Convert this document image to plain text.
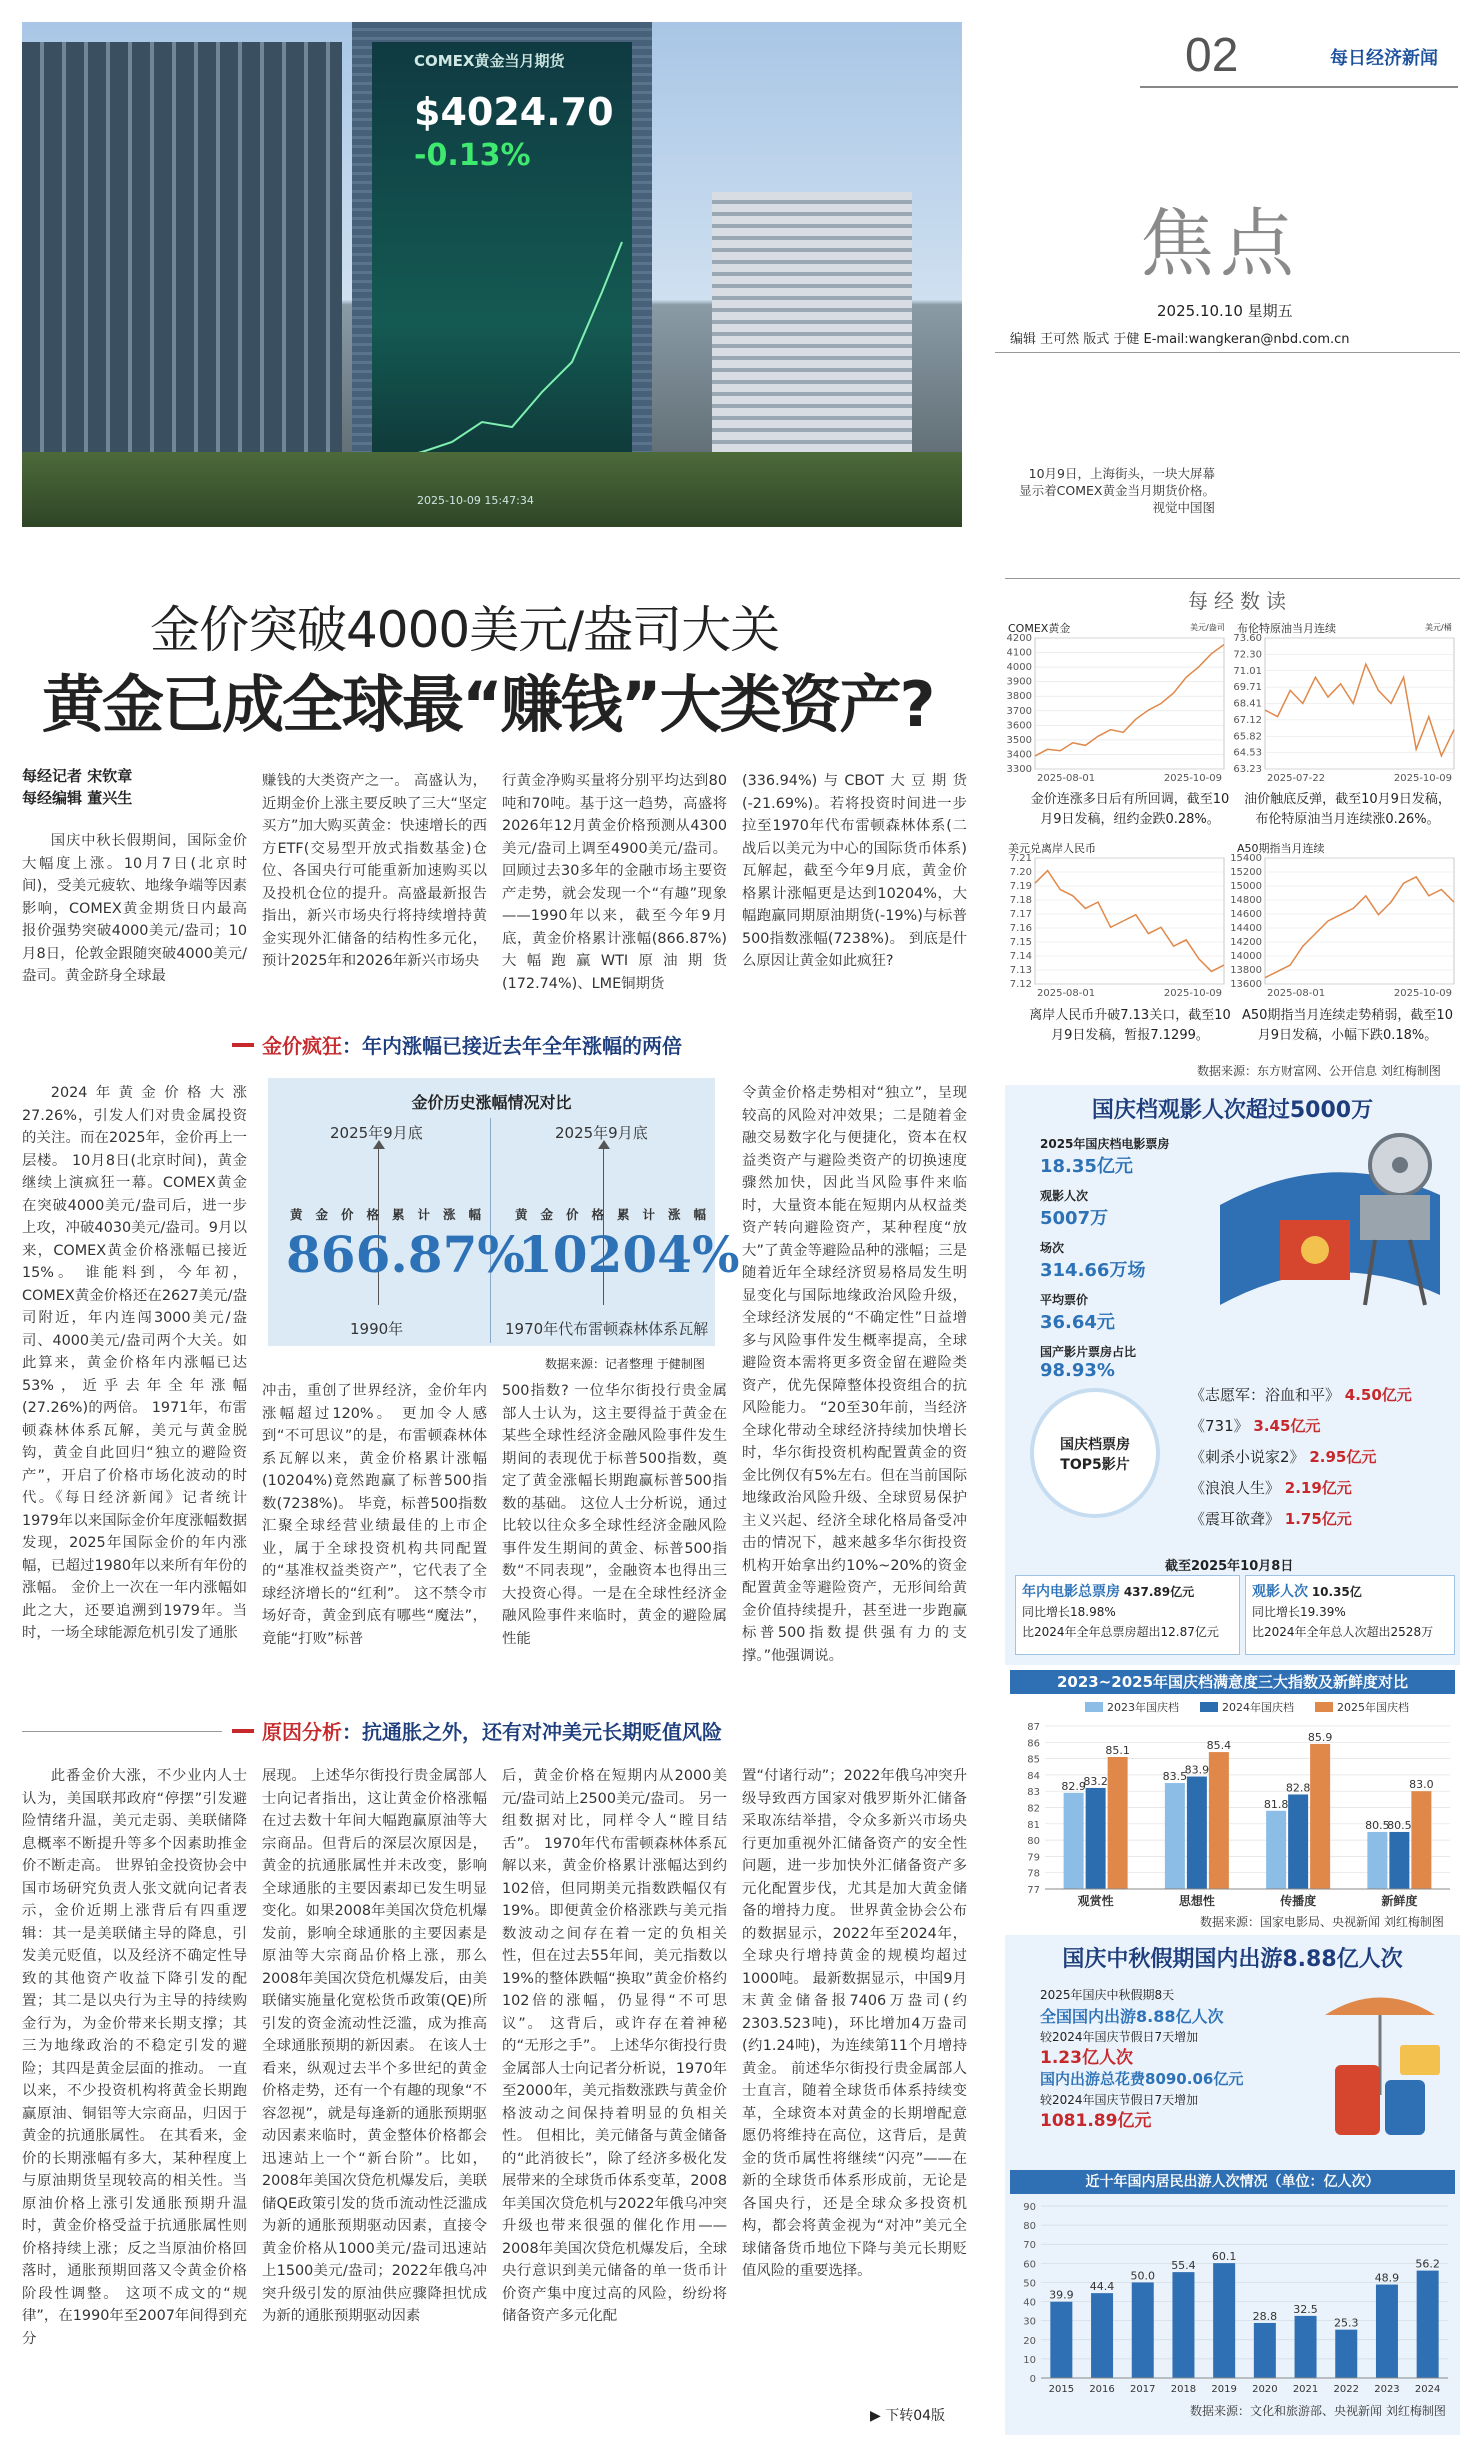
COMEX黄金当月期货
$4024.70
-0.13%
2025-10-09 15:47:34
02	每日经济新闻
焦点
2025.10.10 星期五
编辑 王可然 版式 于健 E-mail:wangkeran@nbd.com.cn
10月9日，上海街头，一块大屏幕
显示着COMEX黄金当月期货价格。
视觉中国图
金价突破4000美元/盎司大关
黄金已成全球最“赚钱”大类资产?
每经记者 宋钦章
每经编辑 董兴生
国庆中秋长假期间，国际金价大幅度上涨。10月7日(北京时间)，受美元疲软、地缘争端等因素影响，COMEX黄金期货日内最高报价强势突破4000美元/盎司；10月8日，伦敦金跟随突破4000美元/盎司。黄金跻身全球最
赚钱的大类资产之一。 高盛认为，近期金价上涨主要反映了三大“坚定买方”加大购买黄金：快速增长的西方ETF(交易型开放式指数基金)仓位、各国央行可能重新加速购买以及投机仓位的提升。高盛最新报告指出，新兴市场央行将持续增持黄金实现外汇储备的结构性多元化，预计2025年和2026年新兴市场央
行黄金净购买量将分别平均达到80吨和70吨。基于这一趋势，高盛将2026年12月黄金价格预测从4300美元/盎司上调至4900美元/盎司。 回顾过去30多年的金融市场主要资产走势，就会发现一个“有趣”现象——1990年以来，截至今年9月底，黄金价格累计涨幅(866.87%)大幅跑赢WTI原油期货(172.74%)、LME铜期货
(336.94%)与CBOT大豆期货(-21.69%)。若将投资时间进一步拉至1970年代布雷顿森林体系(二战后以美元为中心的国际货币体系)瓦解起，截至今年9月底，黄金价格累计涨幅更是达到10204%，大幅跑赢同期原油期货(-19%)与标普500指数涨幅(7238%)。 到底是什么原因让黄金如此疯狂?
金价疯狂：年内涨幅已接近去年全年涨幅的两倍
2024年黄金价格大涨27.26%，引发人们对贵金属投资的关注。而在2025年，金价再上一层楼。 10月8日(北京时间)，黄金继续上演疯狂一幕。COMEX黄金在突破4000美元/盎司后，进一步上攻，冲破4030美元/盎司。9月以来，COMEX黄金价格涨幅已接近15%。 谁能料到，今年初，COMEX黄金价格还在2627美元/盎司附近，年内连闯3000美元/盎司、4000美元/盎司两个大关。如此算来，黄金价格年内涨幅已达53%，近乎去年全年涨幅(27.26%)的两倍。 1971年，布雷顿森林体系瓦解，美元与黄金脱钩，黄金自此回归“独立的避险资产”，开启了价格市场化波动的时代。《每日经济新闻》记者统计1979年以来国际金价年度涨幅数据发现，2025年国际金价的年内涨幅，已超过1980年以来所有年份的涨幅。 金价上一次在一年内涨幅如此之大，还要追溯到1979年。当时，一场全球能源危机引发了通胀
金价历史涨幅情况对比
2025年9月底
黄金价格累计涨幅
866.87%
1990年
2025年9月底
黄金价格累计涨幅
10204%
1970年代布雷顿森林体系瓦解
数据来源：记者整理 于健制图
冲击，重创了世界经济，金价年内涨幅超过120%。 更加令人感到“不可思议”的是，布雷顿森林体系瓦解以来，黄金价格累计涨幅(10204%)竟然跑赢了标普500指数(7238%)。 毕竟，标普500指数汇聚全球经营业绩最佳的上市企业，属于全球投资机构共同配置的“基准权益类资产”，它代表了全球经济增长的“红利”。 这不禁令市场好奇，黄金到底有哪些“魔法”，竟能“打败”标普
500指数? 一位华尔街投行贵金属部人士认为，这主要得益于黄金在某些全球性经济金融风险事件发生期间的表现优于标普500指数，奠定了黄金涨幅长期跑赢标普500指数的基础。 这位人士分析说，通过比较以往众多全球性经济金融风险事件发生期间的黄金、标普500指数“不同表现”，金融资本也得出三大投资心得。一是在全球性经济金融风险事件来临时，黄金的避险属性能
令黄金价格走势相对“独立”，呈现较高的风险对冲效果；二是随着金融交易数字化与便捷化，资本在权益类资产与避险类资产的切换速度骤然加快，因此当风险事件来临时，大量资本能在短期内从权益类资产转向避险资产，某种程度“放大”了黄金等避险品种的涨幅；三是随着近年全球经济贸易格局发生明显变化与国际地缘政治风险升级，全球经济发展的“不确定性”日益增多与风险事件发生概率提高，全球避险资本需将更多资金留在避险类资产，优先保障整体投资组合的抗风险能力。 “20至30年前，当经济全球化带动全球经济持续加快增长时，华尔街投资机构配置黄金的资金比例仅有5%左右。但在当前国际地缘政治风险升级、全球贸易保护主义兴起、经济全球化格局备受冲击的情况下，越来越多华尔街投资机构开始拿出约10%~20%的资金配置黄金等避险资产，无形间给黄金价值持续提升，甚至进一步跑赢标普500指数提供强有力的支撑。”他强调说。
原因分析：抗通胀之外，还有对冲美元长期贬值风险
此番金价大涨，不少业内人士认为，美国联邦政府“停摆”引发避险情绪升温，美元走弱、美联储降息概率不断提升等多个因素助推金价不断走高。 世界铂金投资协会中国市场研究负责人张文就向记者表示，金价近期上涨背后有四重逻辑：其一是美联储主导的降息，引发美元贬值，以及经济不确定性导致的其他资产收益下降引发的配置；其二是以央行为主导的持续购金行为，为金价带来长期支撑；其三为地缘政治的不稳定引发的避险；其四是黄金层面的推动。 一直以来，不少投资机构将黄金长期跑赢原油、铜铝等大宗商品，归因于黄金的抗通胀属性。 在其看来，金价的长期涨幅有多大，某种程度上与原油期货呈现较高的相关性。当原油价格上涨引发通胀预期升温时，黄金价格受益于抗通胀属性则价格持续上涨；反之当原油价格回落时，通胀预期回落又令黄金价格阶段性调整。 这项不成文的“规律”，在1990年至2007年间得到充分
展现。 上述华尔街投行贵金属部人士向记者指出，这让黄金价格涨幅在过去数十年间大幅跑赢原油等大宗商品。但背后的深层次原因是，黄金的抗通胀属性并未改变，影响全球通胀的主要因素却已发生明显变化。如果2008年美国次贷危机爆发前，影响全球通胀的主要因素是原油等大宗商品价格上涨，那么2008年美国次贷危机爆发后，由美联储实施量化宽松货币政策(QE)所引发的资金流动性泛滥，成为推高全球通胀预期的新因素。 在该人士看来，纵观过去半个多世纪的黄金价格走势，还有一个有趣的现象“不容忽视”，就是每逢新的通胀预期驱动因素来临时，黄金整体价格都会迅速站上一个“新台阶”。比如，2008年美国次贷危机爆发后，美联储QE政策引发的货币流动性泛滥成为新的通胀预期驱动因素，直接令黄金价格从1000美元/盎司迅速站上1500美元/盎司；2022年俄乌冲突升级引发的原油供应骤降担忧成为新的通胀预期驱动因素
后，黄金价格在短期内从2000美元/盎司站上2500美元/盎司。 另一组数据对比，同样令人“瞠目结舌”。 1970年代布雷顿森林体系瓦解以来，黄金价格累计涨幅达到约102倍，但同期美元指数跌幅仅有19%。即便黄金价格涨跌与美元指数波动之间存在着一定的负相关性，但在过去55年间，美元指数以19%的整体跌幅“换取”黄金价格约102倍的涨幅，仍显得“不可思议”。 这背后，或许存在着神秘的“无形之手”。 上述华尔街投行贵金属部人士向记者分析说，1970年至2000年，美元指数涨跌与黄金价格波动之间保持着明显的负相关性。 但相比，美元储备与黄金储备的“此消彼长”，除了经济多极化发展带来的全球货币体系变革，2008年美国次贷危机与2022年俄乌冲突升级也带来很强的催化作用——2008年美国次贷危机爆发后，全球央行意识到美元储备的单一货币计价资产集中度过高的风险，纷纷将储备资产多元化配
置“付诸行动”；2022年俄乌冲突升级导致西方国家对俄罗斯外汇储备采取冻结举措，令众多新兴市场央行更加重视外汇储备资产的安全性问题，进一步加快外汇储备资产多元化配置步伐，尤其是加大黄金储备的增持力度。 世界黄金协会公布的数据显示，2022年至2024年，全球央行增持黄金的规模均超过1000吨。 最新数据显示，中国9月末黄金储备报7406万盎司(约2303.523吨)，环比增加4万盎司(约1.24吨)，为连续第11个月增持黄金。 前述华尔街投行贵金属部人士直言，随着全球货币体系持续变革，全球资本对黄金的长期增配意愿仍将维持在高位，这背后，是黄金的货币属性将继续“闪亮”——在新的全球货币体系形成前，无论是各国央行，还是全球众多投资机构，都会将黄金视为“对冲”美元全球储备货币地位下降与美元长期贬值风险的重要选择。
▶ 下转04版
每经数读
COMEX黄金	美元/盎司
4200
4100
4000
3900
3800
3700
3600
3500
3400
3300
2025-08-01	2025-10-09
金价连涨多日后有所回调，截至10月9日发稿，纽约金跌0.28%。
布伦特原油当月连续	美元/桶
73.60
72.30
71.01
69.71
68.41
67.12
65.82
64.53
63.23
2025-07-22	2025-10-09
油价触底反弹，截至10月9日发稿，布伦特原油当月连续涨0.26%。
美元兑离岸人民币
7.21
7.20
7.19
7.18
7.17
7.16
7.15
7.14
7.13
7.12
2025-08-01	2025-10-09
离岸人民币升破7.13关口，截至10月9日发稿，暂报7.1299。
A50期指当月连续
15400
15200
15000
14800
14600
14400
14200
14000
13800
13600
2025-08-01	2025-10-09
A50期指当月连续走势稍弱，截至10月9日发稿，小幅下跌0.18%。
数据来源：东方财富网、公开信息 刘红梅制图
国庆档观影人次超过5000万
2025年国庆档电影票房
18.35亿元
观影人次
5007万
场次
314.66万场
平均票价
36.64元
国产影片票房占比
98.93%
国庆档票房TOP5影片
《志愿军：浴血和平》 4.50亿元
《731》 3.45亿元
《刺杀小说家2》 2.95亿元
《浪浪人生》 2.19亿元
《震耳欲聋》 1.75亿元
截至2025年10月8日
年内电影总票房 437.89亿元
同比增长18.98%
比2024年全年总票房超出12.87亿元
观影人次 10.35亿
同比增长19.39%
比2024年全年总人次超出2528万
2023~2025年国庆档满意度三大指数及新鲜度对比
2023年国庆档	2024年国庆档	2025年国庆档
77
78
79
80
81
82
83
84
85
86
87
82.9
83.2
85.1
观赏性
83.5
83.9
85.4
思想性
81.8
82.8
85.9
传播度
80.5
80.5
83.0
新鲜度
数据来源：国家电影局、央视新闻 刘红梅制图
国庆中秋假期国内出游8.88亿人次
2025年国庆中秋假期8天
全国国内出游8.88亿人次
较2024年国庆节假日7天增加
1.23亿人次
国内出游总花费8090.06亿元
较2024年国庆节假日7天增加
1081.89亿元
近十年国内居民出游人次情况（单位：亿人次）
0
10
20
30
40
50
60
70
80
90
39.9
2015
44.4
2016
50.0
2017
55.4
2018
60.1
2019
28.8
2020
32.5
2021
25.3
2022
48.9
2023
56.2
2024
数据来源：文化和旅游部、央视新闻 刘红梅制图
